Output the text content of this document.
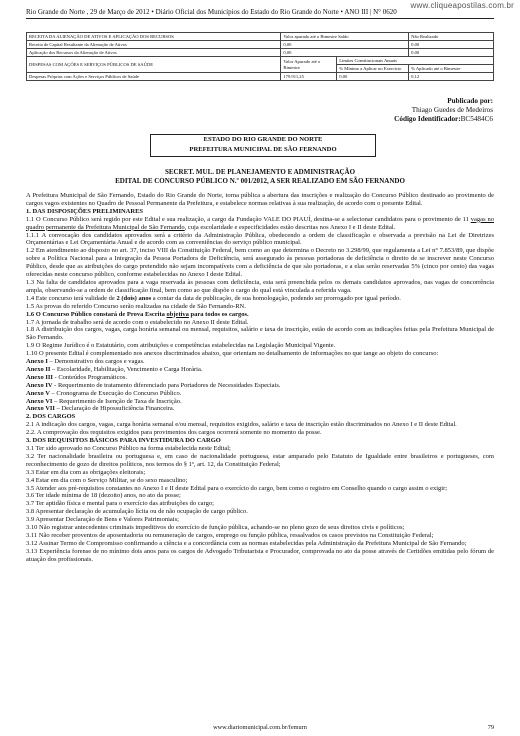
www.cliqueapostilas.com.br
Rio Grande do Norte , 29 de Março de 2012 • Diário Oficial dos Municípios do Estado do Rio Grande do Norte • ANO III | N° 0620
RECEITA DA ALIENAÇÃO DE ATIVOS E APLICAÇÃO DOS RECURSOS	Valor apurado até o Bimestre Saldo		Não Realizado
Receita de Capital Resultante da Alienação de Ativos	0,00		0,00
Aplicação dos Recursos da Alienação de Ativos	0,00		0,00
DESPESAS COM AÇÕES E SERVIÇOS PÚBLICOS DE SAÚDE	Valor Apurado até o Bimestre	Limites Constitucionais Anuais	
		% Mínimo a Aplicar no Exercício	% Aplicado até o Bimestre
Despesas Próprias com Ações e Serviços Públicos de Saúde	179.911,25	0,00	0,12
Publicado por:
Thiago Guedes de Medeiros
Código Identificador:BC5484C6
ESTADO DO RIO GRANDE DO NORTE
PREFEITURA MUNICIPAL DE SÃO FERNANDO
SECRET. MUL. DE PLANEJAMENTO E ADMINISTRAÇÃO
EDITAL DE CONCURSO PÚBLICO N.º 001/2012, A SER REALIZADO EM SÃO FERNANDO

A Prefeitura Municipal de São Fernando, Estado do Rio Grande do Norte, torna pública a abertura das inscrições e realização do Concurso Público destinado ao provimento de cargos vagos existentes no Quadro de Pessoal Permanente da Prefeitura, e estabelece normas relativas à sua realização, de acordo com o presente Edital.

1. DAS DISPOSIÇÕES PRELIMINARES

1.1 O Concurso Público será regido por este Edital e sua realização, a cargo da Fundação VALE DO PIAUÍ, destina-se a selecionar candidatos para o provimento de 11 vagas no quadro permanente da Prefeitura Municipal de São Fernando, cuja escolaridade e especificidades estão descritas nos Anexo I e II deste Edital.

1.1.1 A convocação dos candidatos aprovados será a critério da Administração Pública, obedecendo a ordem de classificação e observada a previsão na Lei de Diretrizes Orçamentárias e Lei Orçamentária Anual e de acordo com as conveniências do serviço público municipal.

1.2 Em atendimento ao disposto no art. 37, inciso VIII da Constituição Federal, bem como ao que determina o Decreto no 3.298/99, que regulamenta a Lei n° 7.853/89, que dispõe sobre a Política Nacional para a Integração da Pessoa Portadora de Deficiência, será assegurado às pessoas portadoras de deficiência o direito de se inscrever neste Concurso Público, desde que as atribuições do cargo pretendido não sejam incompatíveis com a deficiência de que são portadoras, e a elas serão reservadas 5% (cinco por cento) das vagas oferecidas neste concurso público, conforme estabelecidas no Anexo I deste Edital.

1.3 Na falta de candidatos aprovados para a vaga reservada às pessoas com deficiência, esta será preenchida pelos os demais candidatos aprovados, nas vagas de concorrência ampla, observando-se a ordem de classificação final, bem como ao que dispõe o cargo do qual está vinculada a referida vaga.

1.4 Este concurso terá validade de 2 (dois) anos a contar da data de publicação, de sua homologação, podendo ser prorrogado por igual período.

1.5 As provas do referido Concurso serão realizadas na cidade de São Fernando-RN.

1.6 O Concurso Público constará de Prova Escrita objetiva para todos os cargos.

1.7 A jornada de trabalho será de acordo com o estabelecido no Anexo II deste Edital.

1.8 A distribuição dos cargos, vagas, carga horária semanal ou mensal, requisitos, salário e taxa de inscrição, estão de acordo com as indicações feitas pela Prefeitura Municipal de São Fernando.

1.9 O Regime Jurídico é o Estatutário, com atribuições e competências estabelecidas na Legislação Municipal Vigente.

1.10 O presente Edital é complementado nos anexos discriminados abaixo, que orientam no detalhamento de informações no que tange ao objeto do concurso:

Anexo I – Demonstrativo dos cargos e vagas.

Anexo II – Escolaridade, Habilitação, Vencimento e Carga Horária.

Anexo III - Conteúdos Programáticos.

Anexo IV - Requerimento de tratamento diferenciado para Portadores de Necessidades Especiais.

Anexo V – Cronograma de Execução do Concurso Público.

Anexo VI – Requerimento de Isenção de Taxa de Inscrição.

Anexo VII – Declaração de Hipossuficiência Financeira.

2. DOS CARGOS

2.1 A indicação dos cargos, vagas, carga horária semanal e/ou mensal, requisitos exigidos, salário e taxa de inscrição estão discriminados no Anexo I e II deste Edital.

2.2. A comprovação dos requisitos exigidos para provimentos dos cargos ocorrerá somente no momento da posse.

3. DOS REQUISITOS BÁSICOS PARA INVESTIDURA DO CARGO

3.1 Ter sido aprovado no Concurso Público na forma estabelecida neste Edital;

3.2 Ter nacionalidade brasileira ou portuguesa e, em caso de nacionalidade portuguesa, estar amparado pelo Estatuto de Igualdade entre brasileiros e portugueses, com reconhecimento de gozo de direitos políticos, nos termos do § 1º, art. 12, da Constituição Federal;

3.3 Estar em dia com as obrigações eleitorais;

3.4 Estar em dia com o Serviço Militar, se do sexo masculino;

3.5 Atender aos pré-requisitos constantes no Anexo I e II deste Edital para o exercício do cargo, bem como o registro em Conselho quando o cargo assim o exigir;

3.6 Ter idade mínima de 18 (dezoito) anos, no ato da posse;

3.7 Ter aptidão física e mental para o exercício das atribuições do cargo;

3.8 Apresentar declaração de acumulação lícita ou de não ocupação de cargo público.

3.9 Apresentar Declaração de Bens e Valores Patrimoniais;

3.10 Não registrar antecedentes criminais impeditivos do exercício de função pública, achando-se no pleno gozo de seus direitos civis e políticos;

3.11 Não receber proventos de aposentadoria ou remuneração de cargos, emprego ou função pública, ressalvados os casos previstos na Constituição Federal;

3.12 Assinar Termo de Compromisso confirmando a ciência e a concordância com as normas estabelecidas pela Administração da Prefeitura Municipal de São Fernando;

3.13 Experiência forense de no mínimo dois anos para os cargos de Advogado Tributarista e Procurador, comprovada no ato da posse através de Certidões emitidas pelo fórum de atuação dos profissionais.

www.diariomunicipal.com.br/femurn	79
